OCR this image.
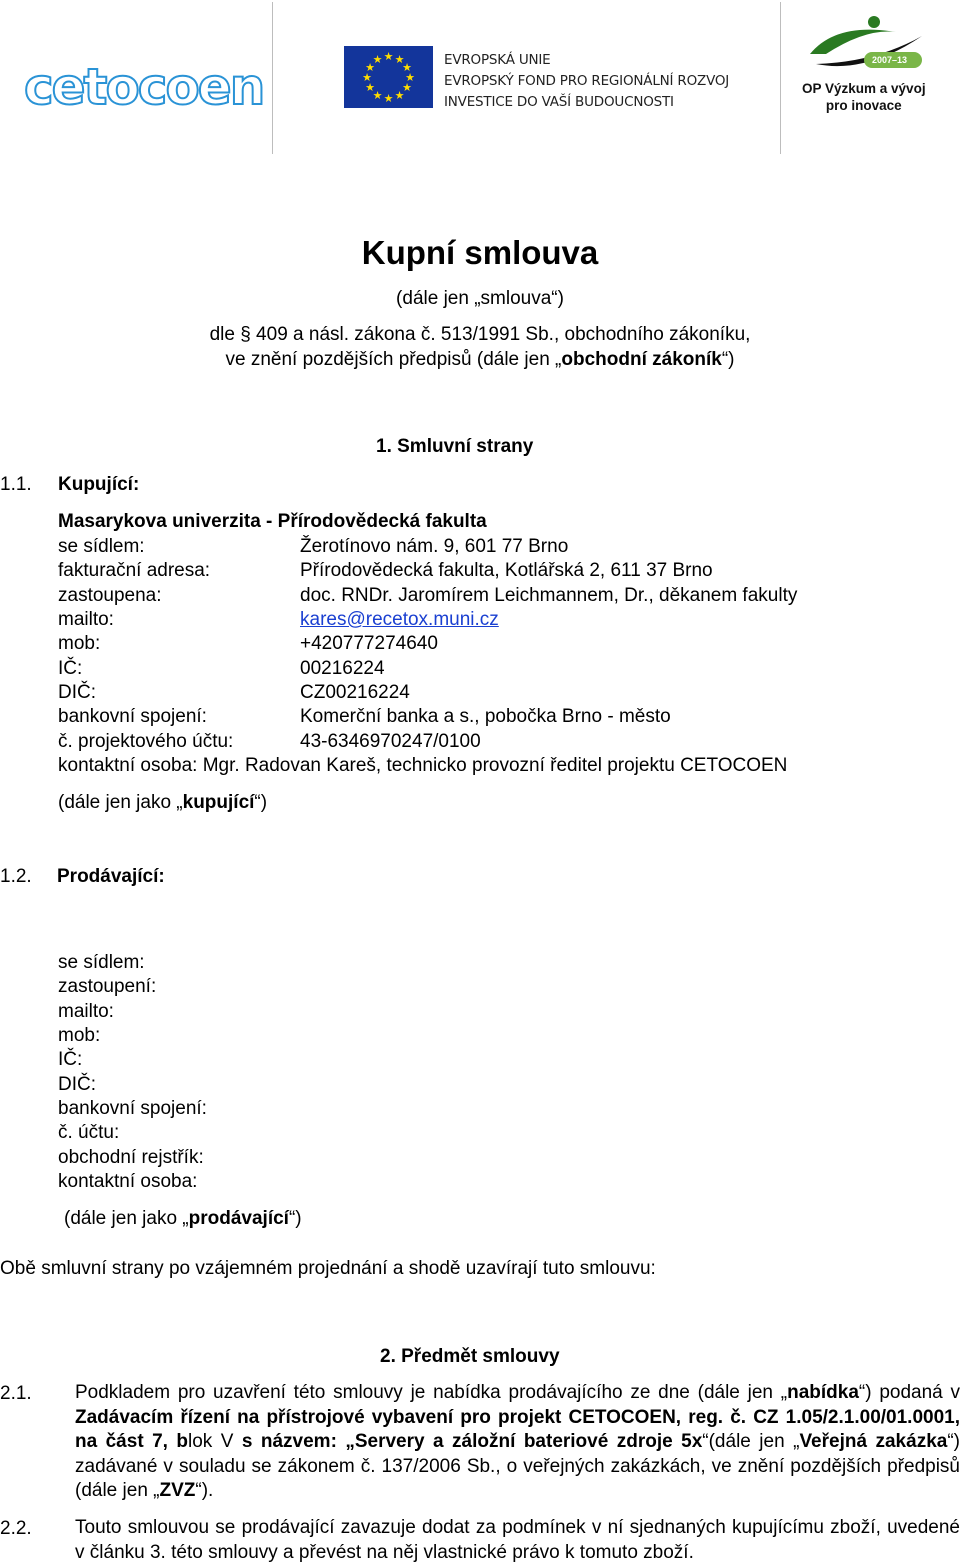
cetocoen
★ ★
★
★
★
★
★
★
★
★
★
★	EVROPSKÁ UNIE
EVROPSKÝ FOND PRO REGIONÁLNÍ ROZVOJ
INVESTICE DO VAŠÍ BUDOUCNOSTI
2007–13
OP Výzkum a vývoj
pro inovace
Kupní smlouva
(dále jen „smlouva“)
dle § 409 a násl. zákona č. 513/1991 Sb., obchodního zákoníku,
ve znění pozdějších předpisů (dále jen „obchodní zákoník“)
1. Smluvní strany
1.1. Kupující:
Masarykova univerzita - Přírodovědecká fakulta
se sídlem:	Žerotínovo nám. 9, 601 77 Brno
fakturační adresa:	Přírodovědecká fakulta, Kotlářská 2, 611 37 Brno
zastoupena:	doc. RNDr. Jaromírem Leichmannem, Dr., děkanem fakulty
mailto:	kares@recetox.muni.cz
mob:	+420777274640
IČ:	00216224
DIČ:	CZ00216224
bankovní spojení:	Komerční banka a s., pobočka Brno - město
č. projektového účtu:	43-6346970247/0100
kontaktní osoba: Mgr. Radovan Kareš, technicko provozní ředitel projektu CETOCOEN
(dále jen jako „kupující“)
1.2. Prodávající:
se sídlem:
zastoupení:
mailto:
mob:
IČ:
DIČ:
bankovní spojení:
č. účtu:
obchodní rejstřík:
kontaktní osoba:
(dále jen jako „prodávající“)
Obě smluvní strany po vzájemném projednání a shodě uzavírají tuto smlouvu:
2. Předmět smlouvy
2.1. Podkladem pro uzavření této smlouvy je nabídka prodávajícího ze dne (dále jen „nabídka“) podaná v Zadávacím řízení na přístrojové vybavení pro projekt CETOCOEN, reg. č. CZ 1.05/2.1.00/01.0001, na část 7, blok V s názvem: „Servery a záložní bateriové zdroje 5x“(dále jen „Veřejná zakázka“) zadávané v souladu se zákonem č. 137/2006 Sb., o veřejných zakázkách, ve znění pozdějších předpisů (dále jen „ZVZ“).
2.2. Touto smlouvou se prodávající zavazuje dodat za podmínek v ní sjednaných kupujícímu zboží, uvedené v článku 3. této smlouvy a převést na něj vlastnické právo k tomuto zboží.
